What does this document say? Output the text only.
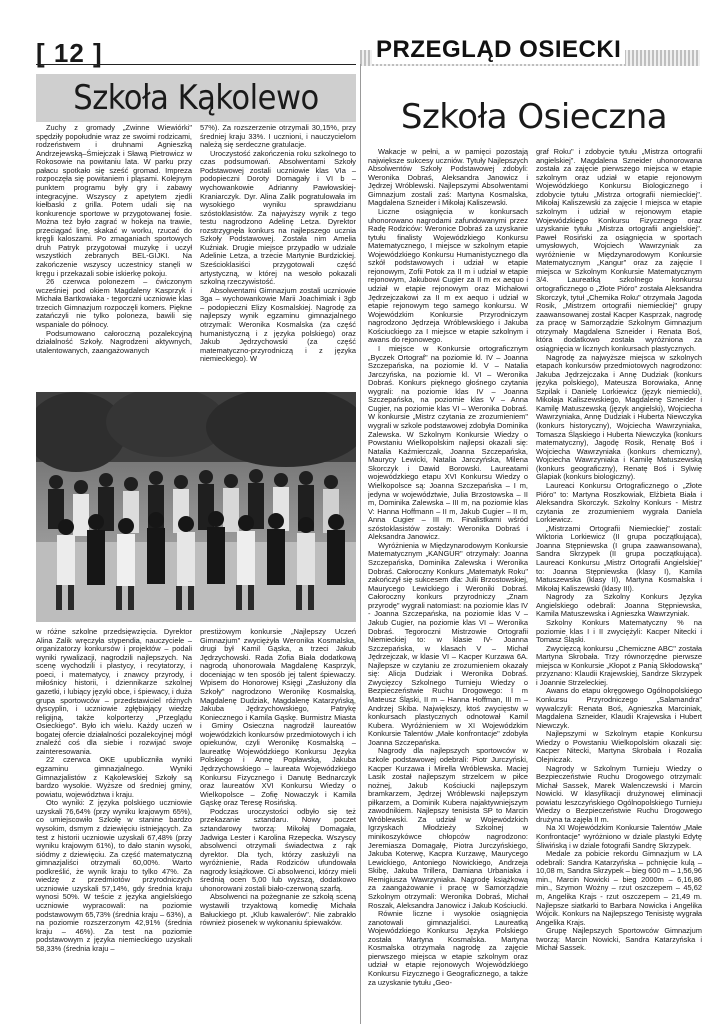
[ 12 ]	PRZEGLĄD OSIECKI
Szkoła Kąkolewo

Zuchy z gromady „Zwinne Wiewiórki" spędziły popołudnie wraz ze swoimi rodzicami, rodzeństwem i druhnami Agnieszką Andrzejewską–Śmiejczak i Sławą Pietrowicz w Rokosowie na powitaniu lata. W parku przy pałacu spotkało się sześć gromad. Impreza rozpoczęła się powitaniem i pląsami. Kolejnym punktem programu były gry i zabawy integracyjne. Wszyscy z apetytem zjedli kiełbaski z grilla. Potem udali się na konkurencje sportowe w przygotowanej fosie. Można też było zagrać w hokeja na trawie, przeciągać linę, skakać w worku, rzucać do kręgli kaloszami. Po zmaganiach sportowych druh Patryk przygotował muzykę i uczył wszystkich zebranych BEL-GIJKI. Na zakończenie wszyscy uczestnicy stanęli w kręgu i przekazali sobie iskierkę pokoju.

26 czerwca polonezem – ćwiczonym wcześniej pod okiem Magdaleny Kasprzyk i Michała Bartkowiaka - tegorczni uczniowie klas trzecich Gimnazjum rozpoczęli komers. Piękne zatańczyli nie tylko poloneza, bawili się wspaniale do północy.

Podsumowano całoroczną pozalekcyjną działalność Szkoły. Nagrodzeni aktywnych, utalentowanych, zaangażowanych

57%). Za rozszerzenie otrzymali 30,15%, przy średniej kraju 33%. I ucznioni, i nauczycielom należą się serdeczne gratulacje.

Uroczystość zakończenia roku szkolnego to czas podsumowań. Absolwentami Szkoły Podstawowej zostali uczniowie klas VIa – podopieczni Doroty Domagały i VI b – wychowankowie Adrianny Pawłowskiej-Kraniarczyk. Dyr. Alina Zalik pogratulowała im wysokiego wyniku sprawdzianu szóstoklasistów. Za najwyższy wynik z tego testu nagrodzono Adelinę Letza. Dyrektor rozstrzygnęła konkurs na najlepszego ucznia Szkoły Podstawowej. Została nim Amelia Kuźniak. Drugie miejsce przypadło w udziale Adelinie Letza, a trzecie Martynie Burdzickiej. Sześcioklasiści przygotowali część artystyczną, w której na wesoło pokazali szkolną rzeczywistość.

Absolwentami Gimnazjum zostali uczniowie 3ga – wychowankowie Marii Joachimiak i 3gb – podopieczni Elizy Kosmalskiej. Nagrodę za najlepszy wynik egzaminu gimnazjalnego otrzymali: Weronika Kosmalska (za część humanistyczną i z języka polskiego) oraz Jakub Jędrzychowski (za część matematyczno-przyrodniczą i z języka niemieckiego). W

w różne szkolne przedsięwzięcia. Dyrektor Alina Zalik wręczyła stypendia, nauczyciele – organizatorzy konkursów i projektów – podali wyniki rywalizacji, nagrodzili najlepszych. Na scenę wychodzili i plastycy, i recytatorzy, i poeci, i matematycy, i znawcy przyrody, i miłośnicy historii, i dziennikarze szkolnej gazetki, i lubiący języki obce, i śpiewacy, i duża grupa sportowców – przedstawiciel różnych dyscyplin, i uczniowie zgłębiający wiedzę religijną, także kolporterzy „Przeglądu Osieckiego". Było ich wielu. Każdy uczeń w bogatej ofercie działalności pozalekcyjnej mógł znaleźć coś dla siebie i rozwijać swoje zainteresowania.

22 czerwca OKE upubliczniła wyniki egzaminu gimnazjalnego. Wyniki Gimnazjalistów z Kąkolewskiej Szkoły są bardzo wysokie. Wyższe od średniej gminy, powiatu, województwa i kraju.

Oto wyniki: Z języka polskiego uczniowie uzyskali 76,64% (przy wyniku krajowym 65%), co umiejscowiło Szkołę w stanine bardzo wysokim, dsmym z dziewięciu istniejących. Za test z historii uczniowie uzyskali 67,48% (przy wyniku krajowym 61%), to dało stanin wysoki, siódmy z dziewięciu. Za część matematyczną gimnazjaliści otrzymali 60,00%. Warto podkreślić, że wynik kraju to tylko 47%. Za wiedzę z przedmiotów przyrodniczych uczniowie uzyskali 57,14%, gdy średnia kraju wynosi 50%. W teście z języka angielskiego uczniowie wypracowali: na poziomie podstawowym 65,73% (średnia kraju – 63%), a na poziomie rozszerzonym 42,91% (średnia kraju – 46%). Za test na poziomie podstawowym z języka niemieckiego uzyskali 58,33% (średnia kraju –

prestiżowym konkursie „Najlepszy Uczeń Gimnazjum" zwyciężyła Weronika Kosmalska, drugi był Kamil Gąska, a trzeci Jakub Jędrzychowski. Rada Zofia Biała dodatkową nagrodą uhonorowała Magdalenę Kasprzyk, doceniając w ten sposób jej talent śpiewaczy. Wpisem do Honorowej Księgi „Zasłużony dla Szkoły" nagrodzono Weronikę Kosmalską, Magdalenę Dudziak, Magdalenę Katarzyńską, Jakuba Jędrzychowskiego, Patrykę Koniecznego i Kamila Gąskę. Burmistrz Miasta i Gminy Osieczna nagrodził laureatów wojewódzkich konkursów przedmiotowych i ich opiekunów, czyli Weronikę Kosmalską – laureatkę Wojewódzkiego Konkursu Języka Polskiego i Annę Popławską, Jakuba Jędrzychowskiego – laureata Wojewódzkiego Konkursu Fizycznego i Danutę Bednarczyk oraz laureatów XVI Konkursu Wiedzy o Wielkopolsce – Zofię Nowaczyk i Kamila Gąskę oraz Teresę Rosińską.

Podczas uroczystości odbyło się też przekazanie sztandaru. Nowy poczet sztandarowy tworzą: Mikołaj Domagała, Jadwiga Lester i Karolina Rzepecka. Wszyscy absolwenci otrzymali świadectwa z rąk dyrektor. Dla tych, którzy zasłużyli na wyróżnienie, Rada Rodziców ufundowała nagrody książkowe. Ci absolwenci, którzy mieli średnią ocen 5,00 lub wyższą, dodatkowo uhonorowani zostali biało-czerwoną szarfą.

Absolwenci na pożegnanie ze szkołą sceną wystawili trzyaktową komedię Michała Bałuckiego pt. „Klub kawalerów". Nie zabrakło również piosenek w wykonaniu śpiewaków.

Szkoła Osieczna

Wakacje w pełni, a w pamięci pozostają największe sukcesy uczniów. Tytuły Najlepszych Absolwentów Szkoły Podstawowej zdobyli: Weronika Dobraś, Aleksandra Janowicz i Jędrzej Wróblewski. Najlepszymi Absolwentami Gimnazjum zostali zaś: Martyna Kosmalska, Magdalena Szneider i Mikołaj Kaliszewski.

Liczne osiągnięcia w konkursach uhonorowano nagrodami zafundowanymi przez Radę Rodziców: Weronice Dobraś za uzyskanie tytułu finalisty Wojewódzkiego Konkursu Matematycznego, I miejsce w szkolnym etapie Wojewódzkiego Konkursu Humanistycznego dla szkół podstawowych i udział w etapie rejonowym, Zofii Potok za II m i udział w etapie rejonowym, Jakubowi Cugier za II m ex aequo i udział w etapie rejonowym oraz Michałowi Jędrzejczakowi za II m ex aequo i udział w etapie rejonowym tego samego konkursu. W Wojewódzkim Konkursie Przyrodniczym nagrodzono Jędrzeja Wróblewskiego i Jakuba Kościuckiego za I miejsce w etapie szkolnym i awans do rejonowego.

I miejsce w Konkursie ortograficznym „Byczek Ortograf" na poziomie kl. IV – Joanna Szczepańska, na poziomie kl. V – Natalia Jarczyńska, na poziomie kl. VI – Weronika Dobraś. Konkurs pięknego głośnego czytania wygrali: na poziomie klas IV – Joanna Szczepańska, na poziomie klas V – Anna Cugier, na poziomie klas VI – Weronika Dobraś. W konkursie „Mistrz czytania ze zrozumieniem" wygrali w szkole podstawowej zdobyła Dominika Zalewska. W Szkolnym Konkursie Wiedzy o Powstaniu Wielkopolskim najlepsi okazali się: Natalia Kaźmierczak, Joanna Szczepańska, Maurycy Lewicki, Natalia Jarczyńska, Milena Skorczyk i Dawid Borowski. Laureatami wojewódzkiego etapu XVI Konkursu Wiedzy o Wielkopolsce są: Joanna Szczepańska – I m, jedyna w województwie, Julia Brzostowska – II m, Dominika Zalewska – III m, na poziomie klas V: Hanna Hoffmann – II m, Jakub Cugier – II m, Anna Cugier – III m. Finalistkami wśród szóstoklasistów zostały: Weronika Dobraś i Aleksandra Janowicz.

Wyróżnienia w Międzynarodowym Konkursie Matematycznym „KANGUR" otrzymały: Joanna Szczepańska, Dominika Zalewska i Weronika Dobraś. Całoroczny Konkurs „Matematyk Roku" zakończył się sukcesem dla: Julii Brzostowskiej, Maurycego Lewickiego i Weroniki Dobraś. Całoroczny konkurs przyrodniczy „Znam przyrodę" wygrali natomiast: na poziomie klas IV - Joanna Szczepańska, na poziomie klas V – Jakub Cugier, na poziomie klas VI – Weronika Dobraś. Tegoroczni Mistrzowie Ortografii Niemieckiej to: w klasie IV- Joanna Szczepańska, w klasach V – Michał Jędrzejczak, w klasie VI – Kacper Kurzawa 6A. Najlepsze w czytaniu ze zrozumieniem okazały się: Alicja Dudziak i Weronika Dobraś. Zwycięzcy Szkolnego Turnieju Wiedzy o Bezpieczeństwie Ruchu Drogowego: I m Mateusz Śląski, II m – Hanna Hoffman, III m – Andrzej Skiba. Największy, ktoś zwycięstw w konkursach plastycznych odnotował Kamil Kubera. Wyróżnieniem w XI Wojewódzkim Konkursie Talentów „Małe konfrontacje" zdobyła Joanna Szczepańska.

Nagrody dla najlepszych sportowców w szkole podstawowej odebrali: Piotr Jurczyński, Kacper Kurzawa i Mirella Wróblewska. Maciej Lasik został najlepszym strzelcem w piłce nożnej, Jakub Kościucki najlepszym bramkarzem, Jędrzej Wróblewski najlepszym piłkarzem, a Dominik Kubera najaktywniejszym zawodnikiem. Najlepszy tenisista SP to Marcin Wróblewski. Za udział w Wojewódzkich Igrzyskach Młodzieży Szkolnej w minikoszykówce chłopców nagrodzono: Jeremiasza Domagałę, Piotra Jurczyńskiego, Jakuba Koterwę, Kacpra Kurzawę, Maurycego Lewickiego, Antoniego Nowickiego, Andrzeja Skibę, Jakuba Trillera, Damiana Urbaniaka i Remigiusza Wawrzyniaka. Nagrodę książkową za zaangażowanie i pracę w Samorządzie Szkolnym otrzymali: Weronika Dobraś, Michał Roszak, Aleksandra Janowicz i Jakub Kościucki.

Równie liczne i wysokie osiągnięcia zanotowali gimnazjaliści. Laureatką Wojewódzkiego Konkursu Języka Polskiego została Martyna Kosmalska. Martyna Kosmalska otrzymała nagrodę za zajęcie pierwszego miejsca w etapie szkolnym oraz udział w etapie rejonowych Wojewódzkiego Konkursu Fizycznego i Geograficznego, a także za uzyskanie tytułu „Geo-

graf Roku" i zdobycie tytułu „Mistrza ortografii angielskiej". Magdalena Szneider uhonorowana została za zajęcie pierwszego miejsca w etapie szkolnym oraz udział w etapie rejonowym Wojewódzkiego Konkursu Biologicznego i zdobycie tytułu „Mistrza ortografii niemieckiej". Mikołaj Kaliszewski za zajęcie I miejsca w etapie szkolnym i udział w rejonowym etapie Wojewódzkiego Konkursu Fizycznego oraz uzyskanie tytułu „Mistrza ortografii angielskiej". Paweł Rosiński za osiągnięcia w sportach umysłowych, Wojciech Wawrzyniak za wyróżnienie w Międzynarodowym Konkursie Matematycznym „Kangur" oraz za zajęcie I miejsca w Szkolnym Konkursie Matematycznym 3/4. Laureatką szkolnego konkursu ortograficznego o „Złote Pióro" została Aleksandra Skorczyk, tytuł „Chemika Roku" otrzymała Jagoda Rosik, „Mistrzem ortografii niemieckiej" grupy zaawansowanej został Kacper Kasprzak, nagrodę za pracę w Samorządzie Szkolnym Gimnazjum otrzymały Magdalena Szneider i Renata Boś, która dodatkowo została wyróżniona za osiągnięcia w licznych konkursach plastycznych.

Nagrodę za najwyższe miejsca w szkolnych etapach konkursów przedmiotowych nagrodzono: Jakuba Jędrzejczaka i Annę Dudziak (konkurs języka polskiego), Mateusza Borowiaka, Annę Szpilak i Danielę Lorkiewicz (język niemiecki), Mikołaja Kaliszewskiego, Magdalenę Szneider i Kamilę Matuszewską (język angielski), Wojciecha Wawrzyniaka, Annę Dudziak i Huberta Niewczyka (konkurs historyczny), Wojciecha Wawrzyniaka, Tomasza Śląskiego i Huberta Niewczyka (konkurs matematyczny), Jagodę Rosik, Renatę Boś i Wojciecha Wawrzyniaka (konkurs chemiczny), Wojciecha Wawrzyniaka i Kamilę Matuszewską (konkurs geograficzny), Renatę Boś i Sylwię Glapiak (konkurs biologiczny).

Laureaci Konkursu Ortograficznego o „Złote Pióro" to: Martyna Roszkowiak, Elżbieta Biała i Aleksandra Skorczyk. Szkolny Konkurs - Mistrz czytania ze zrozumieniem wygrała Daniela Lorkiewicz.

„Mistrzami Ortografii Niemieckiej" zostali: Wiktoria Lorkiewicz (II grupa początkująca), Joanna Stępniewska (I grupa zaawansowana), Sandra Skrzypek (II grupa początkująca). Laureaci Konkursu „Mistrz Ortografii Angielskiej" to: Joanna Stępniewska (klasy I), Kamila Matuszewska (klasy II), Martyna Kosmalska i Mikołaj Kaliszewski (klasy III).

Nagrody za Szkolny Konkurs Języka Angielskiego odebrali: Joanna Stępniewska, Kamila Matuszewska i Agnieszka Wawrzyniak.

Szkolny Konkurs Matematyczny % na poziomie klas I i II zwyciężyli: Kacper Nitecki i Tomasz Śląski.

Zwycięzcą konkursu „Chemiczne ABC" została Martyna Skrobała. Trzy równorzędne pierwsze miejsca w Konkursie „Kłopot z Panią Skłodowską" przyznano: Klaudii Krajewskiej, Sandrze Skrzypek i Joannie Strzeleckiej.

Awans do etapu okręgowego Ogólnopolskiego Konkursu Przyrodniczego „Salamandra" wywalczyli: Renata Boś, Agnieszka Marciniak, Magdalena Szneider, Klaudii Krajewska i Hubert Niewczyk.

Najlepszymi w Szkolnym etapie Konkursu Wiedzy o Powstaniu Wielkopolskim okazali się: Kacper Nitecki, Martyna Skrobała i Rozalia Olejniczak.

Nagrody w Szkolnym Turnieju Wiedzy o Bezpieczeństwie Ruchu Drogowego otrzymali: Michał Sassek, Marek Walenczewski i Marcin Nowicki. W klasyfikacji drużynowej eliminacji powiatu leszczyńskiego Ogólnopolskiego Turnieju Wiedzy o Bezpieczeństwie Ruchu Drogowego drużyna ta zajęła II m.

Na XI Wojewódzkim Konkursie Talentów „Małe Konfrontacje" wyróżniono w dziale plastyki Edytę Śliwińską i w dziale fotografii Sandrę Skrzypek.

Medale za pobicie rekordu Gimnazjum w LA odebrali: Sandra Katarzyńska – pchnięcie kulą – 10,08 m, Sandra Skrzypek – bieg 600 m – 1,56,96 min., Marcin Nowicki – bieg 2000m – 6,16,86 min., Szymon Wożny – rzut oszczepem – 45,62 m, Angelika Krajs - rzut oszczepem – 21,49 m. Najlepsze siatkarki to Barbara Nowicka i Angelika Wójcik. Konkurs na Najlepszego Tenisistę wygrała Angelika Krajs.

Grupę Najlepszych Sportowców Gimnazjum tworzą: Marcin Nowicki, Sandra Katarzyńska i Michał Sassek.
